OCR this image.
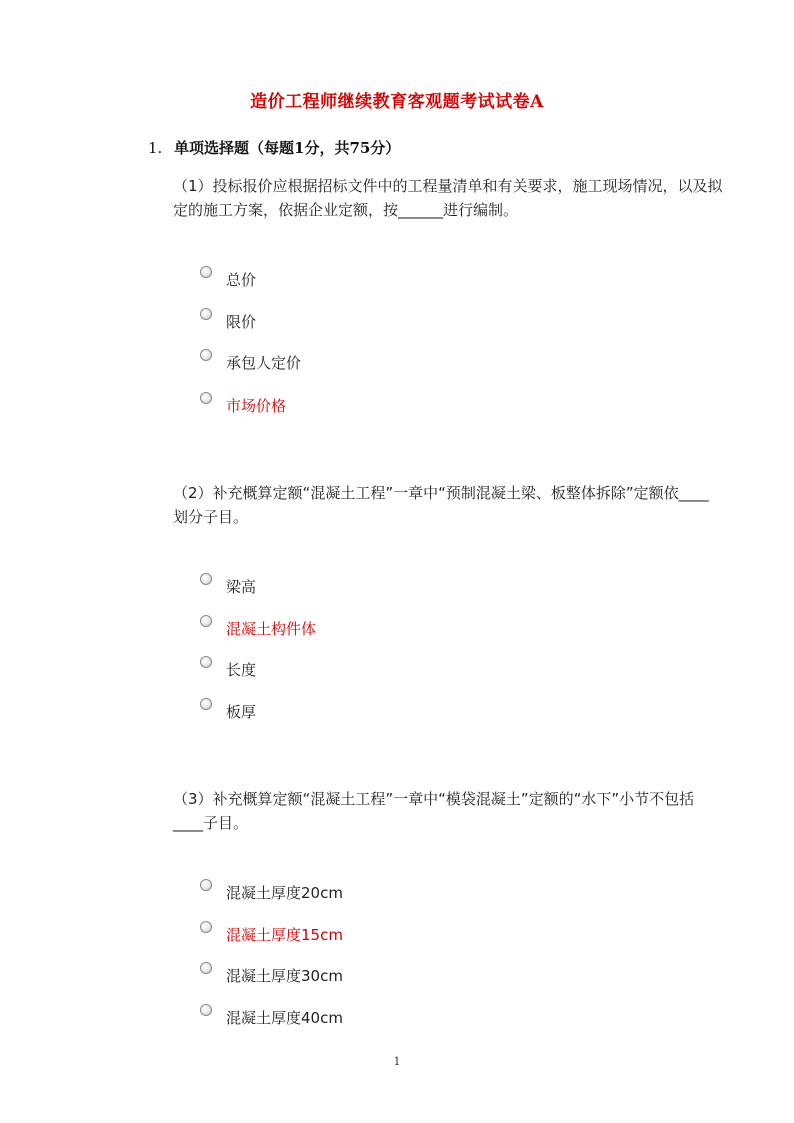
造价工程师继续教育客观题考试试卷A
1. 单项选择题（每题1分，共75分）
（1）投标报价应根据招标文件中的工程量清单和有关要求，施工现场情况，以及拟定的施工方案，依据企业定额，按______进行编制。
总价
限价
承包人定价
市场价格
（2）补充概算定额“混凝土工程”一章中“预制混凝土梁、板整体拆除”定额依____划分子目。
梁高
混凝土构件体
长度
板厚
（3）补充概算定额“混凝土工程”一章中“模袋混凝土”定额的“水下”小节不包括____子目。
混凝土厚度20cm
混凝土厚度15cm
混凝土厚度30cm
混凝土厚度40cm
1
